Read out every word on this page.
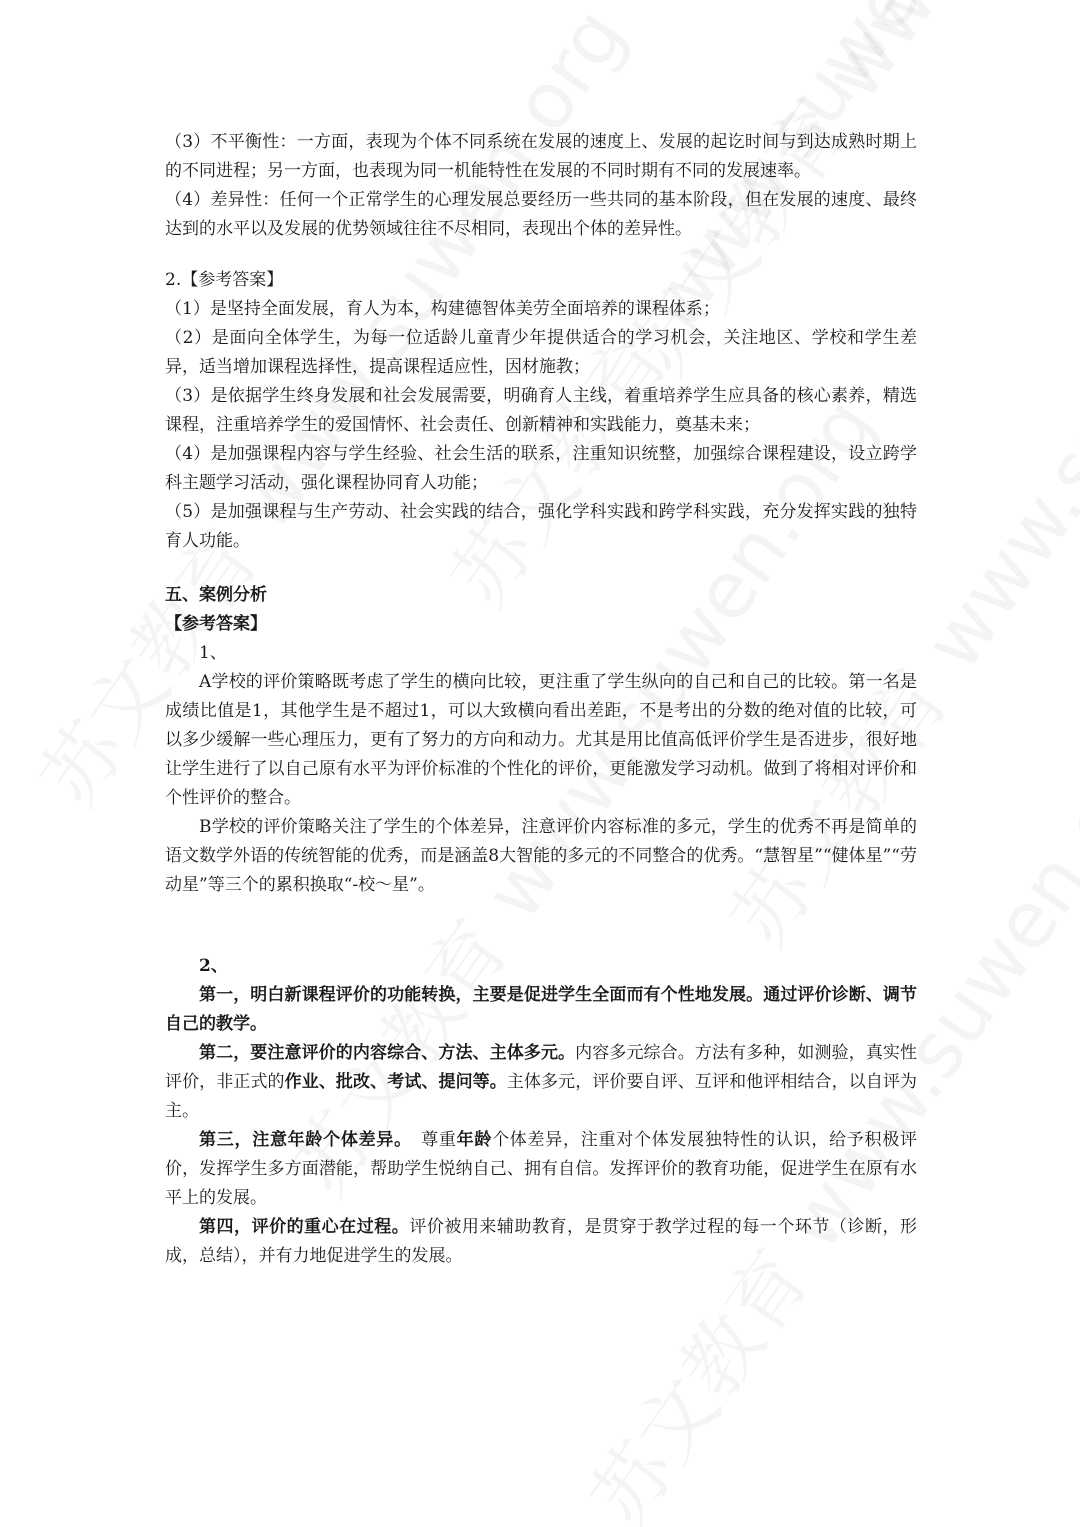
（3）不平衡性：一方面，表现为个体不同系统在发展的速度上、发展的起讫时间与到达成熟时期上的不同进程；另一方面，也表现为同一机能特性在发展的不同时期有不同的发展速率。

（4）差异性：任何一个正常学生的心理发展总要经历一些共同的基本阶段，但在发展的速度、最终达到的水平以及发展的优势领域往往不尽相同，表现出个体的差异性。

2.【参考答案】

（1）是坚持全面发展，育人为本，构建德智体美劳全面培养的课程体系；

（2）是面向全体学生，为每一位适龄儿童青少年提供适合的学习机会，关注地区、学校和学生差异，适当增加课程选择性，提高课程适应性，因材施教；

（3）是依据学生终身发展和社会发展需要，明确育人主线，着重培养学生应具备的核心素养，精选课程，注重培养学生的爱国情怀、社会责任、创新精神和实践能力，奠基未来；

（4）是加强课程内容与学生经验、社会生活的联系，注重知识统整，加强综合课程建设，设立跨学科主题学习活动，强化课程协同育人功能；

（5）是加强课程与生产劳动、社会实践的结合，强化学科实践和跨学科实践，充分发挥实践的独特育人功能。

五、案例分析

【参考答案】

1、

A学校的评价策略既考虑了学生的横向比较，更注重了学生纵向的自己和自己的比较。第一名是成绩比值是1，其他学生是不超过1，可以大致横向看出差距，不是考出的分数的绝对值的比较，可以多少缓解一些心理压力，更有了努力的方向和动力。尤其是用比值高低评价学生是否进步，很好地让学生进行了以自己原有水平为评价标准的个性化的评价，更能激发学习动机。做到了将相对评价和个性评价的整合。

B学校的评价策略关注了学生的个体差异，注意评价内容标准的多元，学生的优秀不再是简单的语文数学外语的传统智能的优秀，而是涵盖8大智能的多元的不同整合的优秀。“慧智星”“健体星”“劳动星”等三个的累积换取“-校～星”。

2、

第一，明白新课程评价的功能转换，主要是促进学生全面而有个性地发展。通过评价诊断、调节自己的教学。

第二，要注意评价的内容综合、方法、主体多元。内容多元综合。方法有多种，如测验，真实性评价，非正式的作业、批改、考试、提问等。主体多元，评价要自评、互评和他评相结合，以自评为主。

第三，注意年龄个体差异。　尊重年龄个体差异，注重对个体发展独特性的认识，给予积极评价，发挥学生多方面潜能，帮助学生悦纳自己、拥有自信。发挥评价的教育功能，促进学生在原有水平上的发展。

第四，评价的重心在过程。评价被用来辅助教育，是贯穿于教学过程的每一个环节（诊断，形成，总结），并有力地促进学生的发展。
